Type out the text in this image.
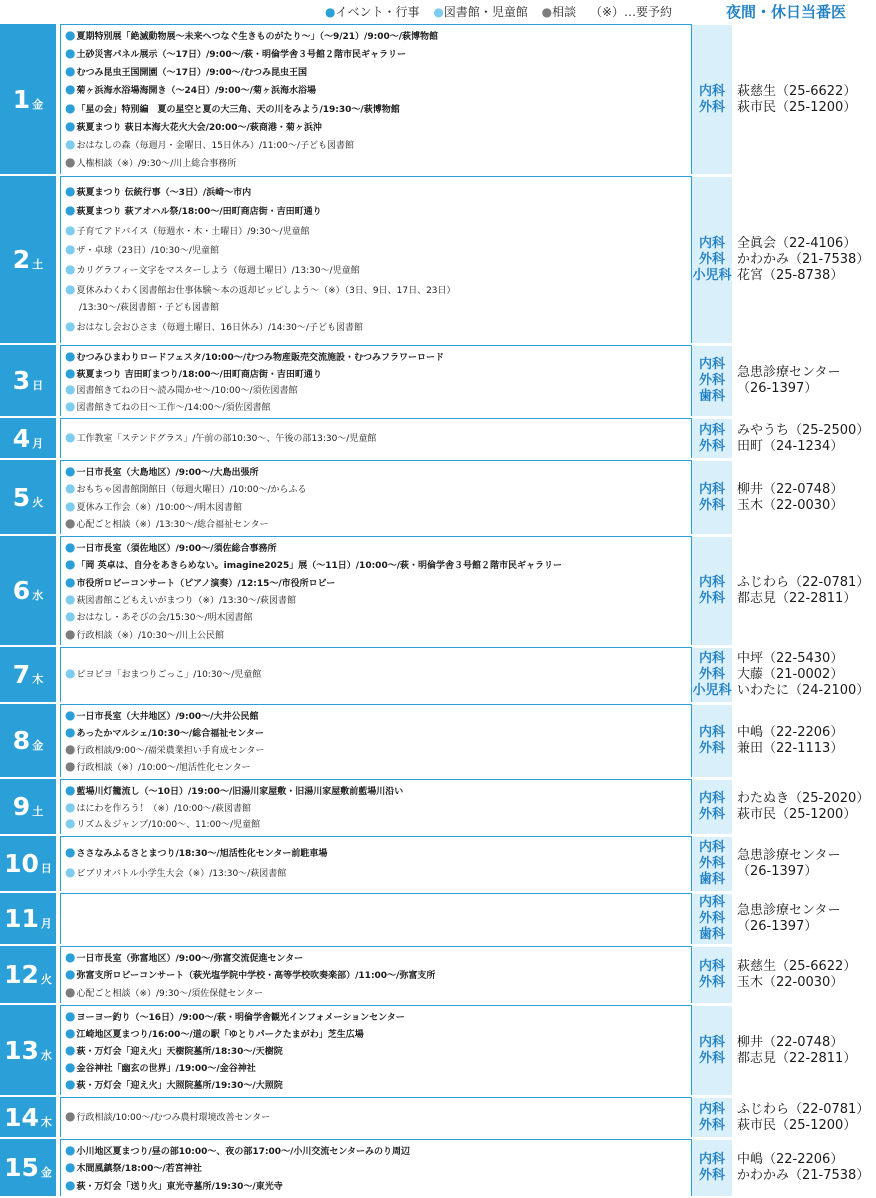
●イベント・行事 ●図書館・児童館 ●相談 （※）…要予約	夜間・休日当番医
1 金
●夏期特別展「絶滅動物展～未来へつなぐ生きものがたり～」（～9/21）/9:00～/萩博物館
●土砂災害パネル展示（～17日）/9:00～/萩・明倫学舎３号館２階市民ギャラリー
●むつみ昆虫王国開園（～17日）/9:00～/むつみ昆虫王国
●菊ヶ浜海水浴場海開き（～24日）/9:00～/菊ヶ浜海水浴場
●「星の会」特別編　夏の星空と夏の大三角、天の川をみよう/19:30～/萩博物館
●萩夏まつり 萩日本海大花火大会/20:00～/萩商港・菊ヶ浜沖
●おはなしの森（毎週月・金曜日、15日休み）/11:00～/子ども図書館
●人権相談（※）/9:30～/川上総合事務所
内科
外科
萩慈生（25-6622）
萩市民（25-1200）
2 土
●萩夏まつり 伝統行事（～3日）/浜崎～市内
●萩夏まつり 萩アオハル祭/18:00～/田町商店街・吉田町通り
●子育てアドバイス（毎週水・木・土曜日）/9:30～/児童館
●ザ・卓球（23日）/10:30～/児童館
●カリグラフィー文字をマスターしよう（毎週土曜日）/13:30～/児童館
●夏休みわくわく図書館お仕事体験～本の返却ピッピしよう～（※）（3日、9日、17日、23日）
/13:30～/萩図書館・子ども図書館
●おはなし会おひさま（毎週土曜日、16日休み）/14:30～/子ども図書館
内科
外科
小児科
全眞会（22-4106）
かわかみ（21-7538）
花宮（25-8738）
3 日
●むつみひまわりロードフェスタ/10:00～/むつみ物産販売交流施設・むつみフラワーロード
●萩夏まつり 吉田町まつり/18:00～/田町商店街・吉田町通り
●図書館きてねの日～読み聞かせ～/10:00～/須佐図書館
●図書館きてねの日～工作～/14:00～/須佐図書館
内科
外科
歯科
急患診療センター
（26-1397）
4 月 ●工作教室「ステンドグラス」/午前の部10:30～、午後の部13:30～/児童館
内科
外科
みやうち（25-2500）
田町（24-1234）
5 火
●一日市長室（大島地区）/9:00～/大島出張所
●おもちゃ図書館開館日（毎週火曜日）/10:00～/からふる
●夏休み工作会（※）/10:00～/明木図書館
●心配ごと相談（※）/13:30～/総合福祉センター
内科
外科
柳井（22-0748）
玉木（22-0030）
6 水
●一日市長室（須佐地区）/9:00～/須佐総合事務所
●「岡 英卓は、自分をあきらめない。imagine2025」展（～11日）/10:00～/萩・明倫学舎３号館２階市民ギャラリー
●市役所ロビーコンサート（ピアノ演奏）/12:15～/市役所ロビー
●萩図書館こどもえいがまつり（※）/13:30～/萩図書館
●おはなし・あそびの会/15:30～/明木図書館
●行政相談（※）/10:30～/川上公民館
内科
外科
ふじわら（22-0781）
都志見（22-2811）
7 木 ●ピヨピヨ「おまつりごっこ」/10:30～/児童館
内科
外科
小児科
中坪（22-5430）
大藤（21-0002）
いわたに（24-2100）
8 金
●一日市長室（大井地区）/9:00～/大井公民館
●あったかマルシェ/10:30～/総合福祉センター
●行政相談/9:00～/福栄農業担い手育成センター
●行政相談（※）/10:00～/旭活性化センター
内科
外科
中嶋（22-2206）
兼田（22-1113）
9 土
●藍場川灯籠流し（～10日）/19:00～/旧湯川家屋敷・旧湯川家屋敷前藍場川沿い
●はにわを作ろう！（※）/10:00～/萩図書館
●リズム＆ジャンプ/10:00～、11:00～/児童館
内科
外科
わたぬき（25-2020）
萩市民（25-1200）
10 日
●ささなみふるさとまつり/18:30～/旭活性化センター前駐車場
●ビブリオバトル小学生大会（※）/13:30～/萩図書館
内科
外科
歯科
急患診療センター
（26-1397）
11 月
内科
外科
歯科
急患診療センター
（26-1397）
12 火
●一日市長室（弥富地区）/9:00～/弥富交流促進センター
●弥富支所ロビーコンサート（萩光塩学院中学校・高等学校吹奏楽部）/11:00～/弥富支所
●心配ごと相談（※）/9:30～/須佐保健センター
内科
外科
萩慈生（25-6622）
玉木（22-0030）
13 水
●ヨーヨー釣り（～16日）/9:00～/萩・明倫学舎観光インフォメーションセンター
●江崎地区夏まつり/16:00～/道の駅「ゆとりパークたまがわ」芝生広場
●萩・万灯会「迎え火」天樹院墓所/18:30～/天樹院
●金谷神社「幽玄の世界」/19:00～/金谷神社
●萩・万灯会「迎え火」大照院墓所/19:30～/大照院
内科
外科
柳井（22-0748）
都志見（22-2811）
14 木 ●行政相談/10:00～/むつみ農村環境改善センター
内科
外科
ふじわら（22-0781）
萩市民（25-1200）
15 金
●小川地区夏まつり/昼の部10:00～、夜の部17:00～/小川交流センターみのり周辺
●木間風鎮祭/18:00～/若宮神社
●萩・万灯会「送り火」東光寺墓所/19:30～/東光寺
内科
外科
中嶋（22-2206）
かわかみ（21-7538）
